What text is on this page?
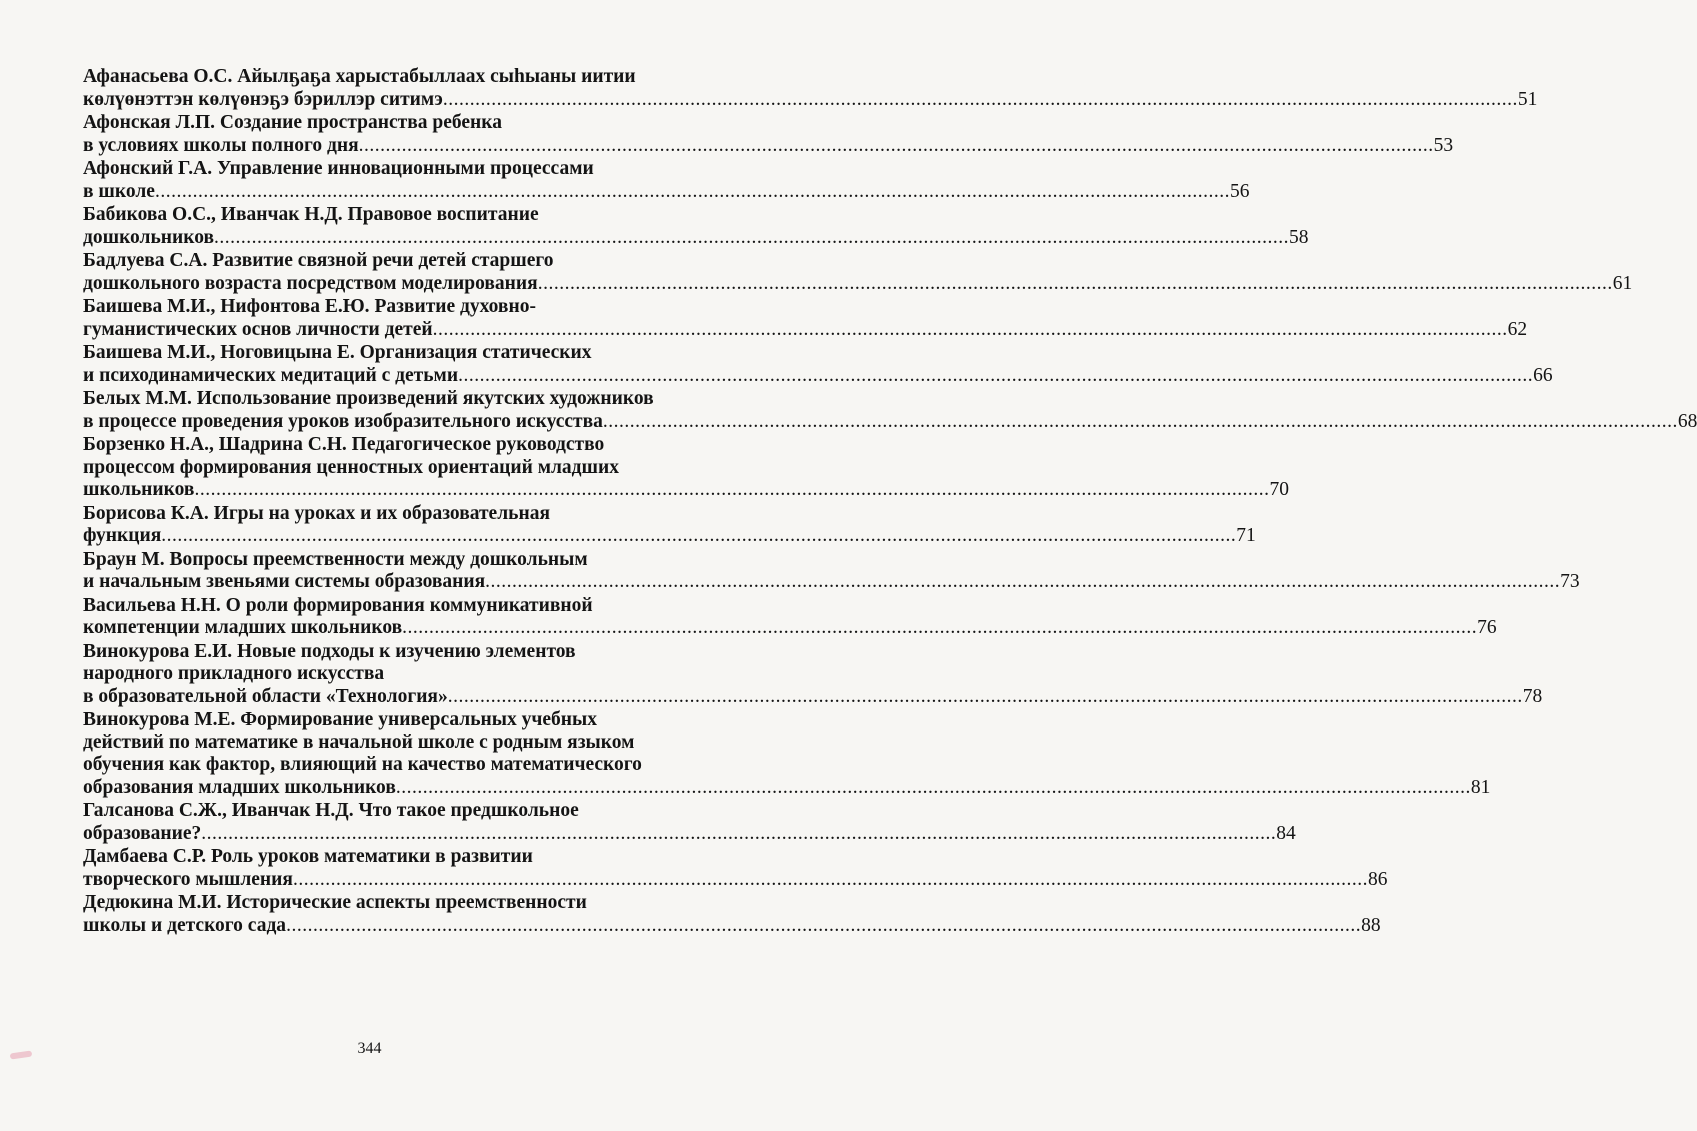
Афанасьева О.С. Айылҕаҕа харыстабыллаах сыһыаны иитии
көлүөнэттэн көлүөнэҕэ бэриллэр ситимэ .....	51
Афонская Л.П. Создание пространства ребенка
в условиях школы полного дня .....	53
Афонский Г.А. Управление инновационными процессами
в школе .....	56
Бабикова О.С., Иванчак Н.Д. Правовое воспитание
дошкольников .....	58
Бадлуева С.А. Развитие связной речи детей старшего
дошкольного возраста посредством моделирования .....	61
Баишева М.И., Нифонтова Е.Ю. Развитие духовно-
гуманистических основ личности детей .....	62
Баишева М.И., Ноговицына Е. Организация статических
и психодинамических медитаций с детьми .....	66
Белых М.М. Использование произведений якутских художников
в процессе проведения уроков изобразительного искусства .....	68
Борзенко Н.А., Шадрина С.Н. Педагогическое руководство
процессом формирования ценностных ориентаций младших
школьников .....	70
Борисова К.А. Игры на уроках и их образовательная
функция .....	71
Браун М. Вопросы преемственности между дошкольным
и начальным звеньями системы образования .....	73
Васильева Н.Н. О роли формирования коммуникативной
компетенции младших школьников .....	76
Винокурова Е.И. Новые подходы к изучению элементов
народного прикладного искусства
в образовательной области «Технология» .....	78
Винокурова М.Е. Формирование универсальных учебных
действий по математике в начальной школе с родным языком
обучения как фактор, влияющий на качество математического
образования младших школьников .....	81
Галсанова С.Ж., Иванчак Н.Д. Что такое предшкольное
образование? .....	84
Дамбаева С.Р. Роль уроков математики в развитии
творческого мышления .....	86
Дедюкина М.И. Исторические аспекты преемственности
школы и детского сада .....	88
344
